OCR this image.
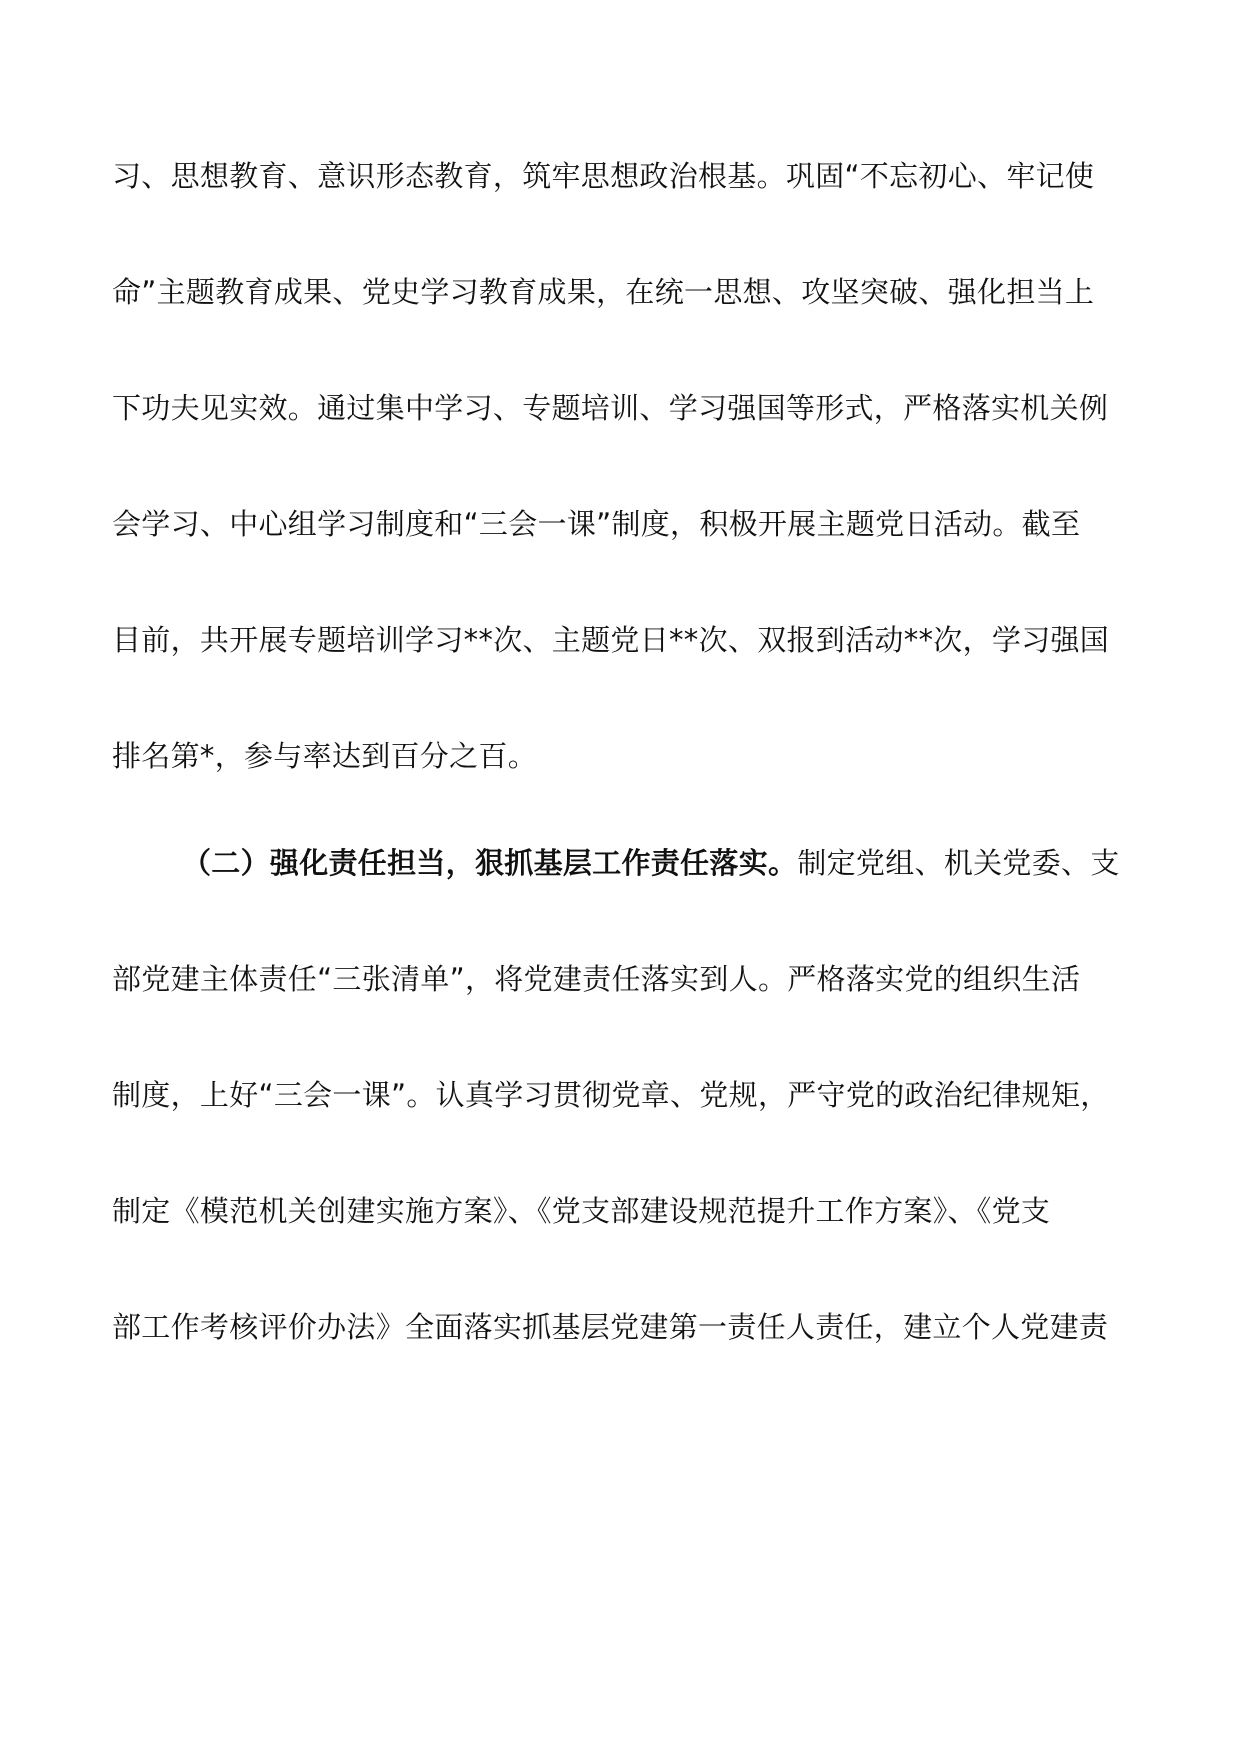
习、思想教育、意识形态教育，筑牢思想政治根基。巩固“不忘初心、牢记使
命”主题教育成果、党史学习教育成果，在统一思想、攻坚突破、强化担当上
下功夫见实效。通过集中学习、专题培训、学习强国等形式，严格落实机关例
会学习、中心组学习制度和“三会一课”制度，积极开展主题党日活动。截至
目前，共开展专题培训学习**次、主题党日**次、双报到活动**次，学习强国
排名第*，参与率达到百分之百。
（二）强化责任担当，狠抓基层工作责任落实。制定党组、机关党委、支
部党建主体责任“三张清单”，将党建责任落实到人。严格落实党的组织生活
制度，上好“三会一课”。认真学习贯彻党章、党规，严守党的政治纪律规矩，
制定《模范机关创建实施方案》、《党支部建设规范提升工作方案》、《党支
部工作考核评价办法》全面落实抓基层党建第一责任人责任，建立个人党建责
